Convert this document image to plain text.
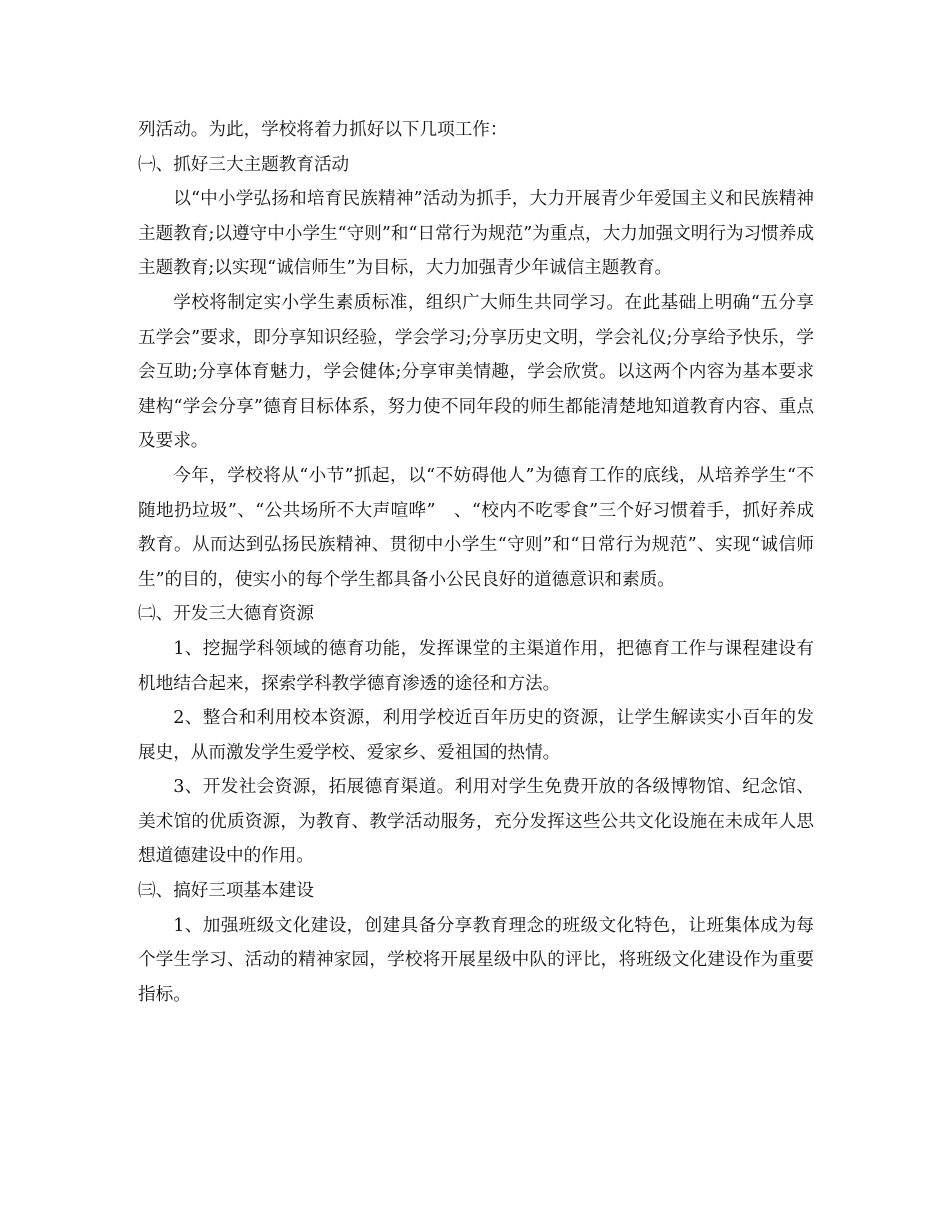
列活动。为此，学校将着力抓好以下几项工作：

㈠、抓好三大主题教育活动

以“中小学弘扬和培育民族精神”活动为抓手，大力开展青少年爱国主义和民族精神主题教育;以遵守中小学生“守则”和“日常行为规范”为重点，大力加强文明行为习惯养成主题教育;以实现“诚信师生”为目标，大力加强青少年诚信主题教育。

学校将制定实小学生素质标准，组织广大师生共同学习。在此基础上明确“五分享五学会”要求，即分享知识经验，学会学习;分享历史文明，学会礼仪;分享给予快乐，学会互助;分享体育魅力，学会健体;分享审美情趣，学会欣赏。以这两个内容为基本要求建构“学会分享”德育目标体系，努力使不同年段的师生都能清楚地知道教育内容、重点及要求。

今年，学校将从“小节”抓起，以“不妨碍他人”为德育工作的底线，从培养学生“不随地扔垃圾”、“公共场所不大声喧哗”　、“校内不吃零食”三个好习惯着手，抓好养成教育。从而达到弘扬民族精神、贯彻中小学生“守则”和“日常行为规范”、实现“诚信师生”的目的，使实小的每个学生都具备小公民良好的道德意识和素质。

㈡、开发三大德育资源

1、挖掘学科领域的德育功能，发挥课堂的主渠道作用，把德育工作与课程建设有机地结合起来，探索学科教学德育渗透的途径和方法。

2、整合和利用校本资源，利用学校近百年历史的资源，让学生解读实小百年的发展史，从而激发学生爱学校、爱家乡、爱祖国的热情。

3、开发社会资源，拓展德育渠道。利用对学生免费开放的各级博物馆、纪念馆、美术馆的优质资源，为教育、教学活动服务，充分发挥这些公共文化设施在未成年人思想道德建设中的作用。

㈢、搞好三项基本建设

1、加强班级文化建设，创建具备分享教育理念的班级文化特色，让班集体成为每个学生学习、活动的精神家园，学校将开展星级中队的评比，将班级文化建设作为重要指标。
